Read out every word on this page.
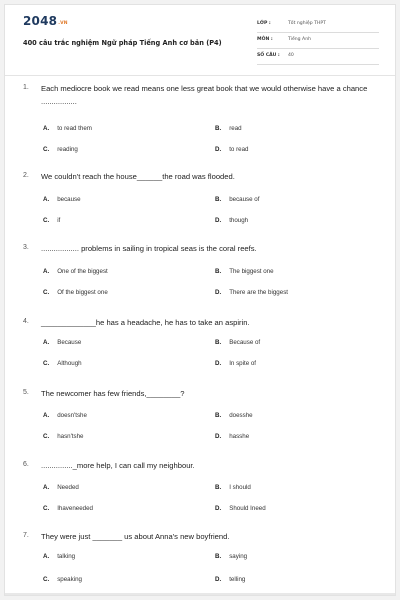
2048.VN
400 câu trắc nghiệm Ngữ pháp Tiếng Anh cơ bản (P4)
LỚP :	Tốt nghiệp THPT
MÔN :	Tiếng Anh
SỐ CÂU : 40
1. Each mediocre book we read means one less great book that we would otherwise have a chance .................
A. to read them	B. read
C. reading	D. to read
2. We couldn't reach the house______the road was flooded.
A. because	B. because of
C. if	D. though
3. .................. problems in sailing in tropical seas is the coral reefs.
A. One of the biggest	B. The biggest one
C. Of the biggest one	D. There are the biggest
4. _____________he has a headache, he has to take an aspirin.
A. Because	B. Because of
C. Although	D. In spite of
5. The newcomer has few friends,________?
A. doesn'tshe	B. doesshe
C. hasn'tshe	D. hasshe
6. ..............._more help, I can call my neighbour.
A. Needed	B. I should
C. Ihaveneeded	D. Should Ineed
7. They were just _______ us about Anna's new boyfriend.
A. talking	B. saying
C. speaking	D. telling
